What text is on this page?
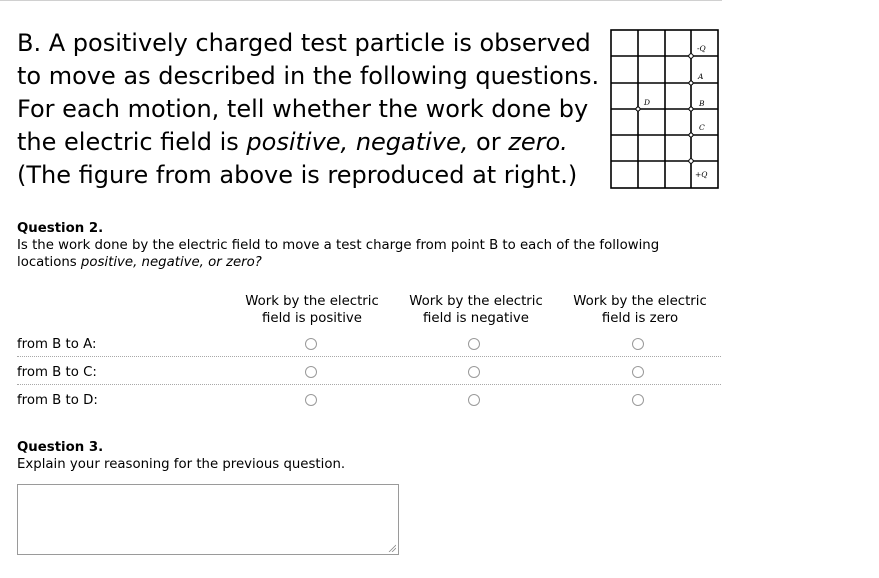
B. A positively charged test particle is observed to move as described in the following questions. For each motion, tell whether the work done by the electric field is positive, negative, or zero.
(The figure from above is reproduced at right.)
-Q
A
D	B
C
+Q
Question 2.
Is the work done by the electric field to move a test charge from point B to each of the following locations positive, negative, or zero?
Work by the electric
field is positive
Work by the electric
field is negative
Work by the electric
field is zero
from B to A:
from B to C:
from B to D:
Question 3.
Explain your reasoning for the previous question.
